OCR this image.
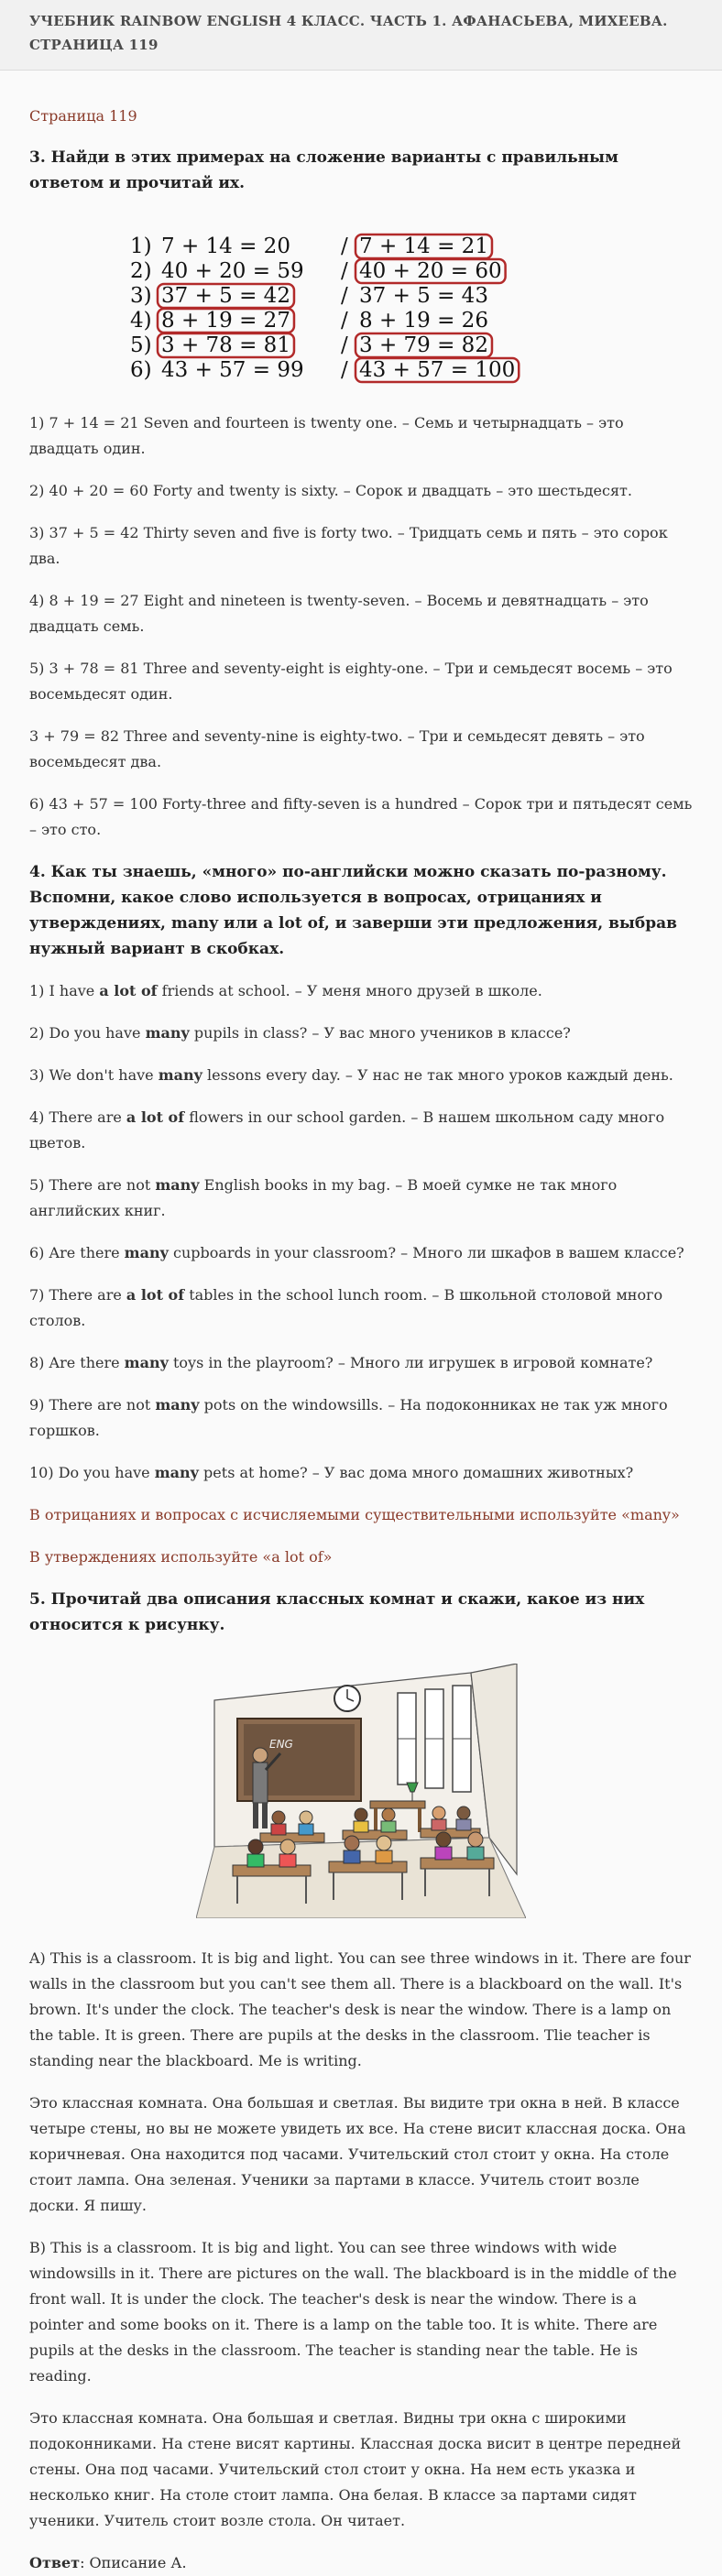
УЧЕБНИК RAINBOW ENGLISH 4 КЛАСС. ЧАСТЬ 1. АФАНАСЬЕВА, МИХЕЕВА. СТРАНИЦА 119
Страница 119
3. Найди в этих примерах на сложение варианты с правильным ответом и прочитай их.
1) 7 + 14 = 20 / 7 + 14 = 21
2) 40 + 20 = 59 / 40 + 20 = 60
3) 37 + 5 = 42 / 37 + 5 = 43
4) 8 + 19 = 27 / 8 + 19 = 26
5) 3 + 78 = 81 / 3 + 79 = 82
6) 43 + 57 = 99 / 43 + 57 = 100

1) 7 + 14 = 21 Seven and fourteen is twenty one. – Семь и четырнадцать – это двадцать один.

2) 40 + 20 = 60 Forty and twenty is sixty. – Сорок и двадцать – это шестьдесят.

3) 37 + 5 = 42 Thirty seven and five is forty two. – Тридцать семь и пять – это сорок два.

4) 8 + 19 = 27 Eight and nineteen is twenty-seven. – Восемь и девятнадцать – это двадцать семь.

5) 3 + 78 = 81 Three and seventy-eight is eighty-one. – Три и семьдесят восемь – это восемьдесят один.

3 + 79 = 82 Three and seventy-nine is eighty-two. – Три и семьдесят девять – это восемьдесят два.

6) 43 + 57 = 100 Forty-three and fifty-seven is a hundred – Сорок три и пятьдесят семь – это сто.

4. Как ты знаешь, «много» по-английски можно сказать по-разному. Вспомни, какое слово используется в вопросах, отрицаниях и утверждениях, many или a lot of, и заверши эти предложения, выбрав нужный вариант в скобках.

1) I have a lot of friends at school. – У меня много друзей в школе.

2) Do you have many pupils in class? – У вас много учеников в классе?

3) We don't have many lessons every day. – У нас не так много уроков каждый день.

4) There are a lot of flowers in our school garden. – В нашем школьном саду много цветов.

5) There are not many English books in my bag. – В моей сумке не так много английских книг.

6) Are there many cupboards in your classroom? – Много ли шкафов в вашем классе?

7) There are a lot of tables in the school lunch room. – В школьной столовой много столов.

8) Are there many toys in the playroom? – Много ли игрушек в игровой комнате?

9) There are not many pots on the windowsills. – На подоконниках не так уж много горшков.

10) Do you have many pets at home? – У вас дома много домашних животных?

В отрицаниях и вопросах с исчисляемыми существительными используйте «many»

В утверждениях используйте «a lot of»

5. Прочитай два описания классных комнат и скажи, какое из них относится к рисунку.
ENG

A) This is a classroom. It is big and light. You can see three windows in it. There are four walls in the classroom but you can't see them all. There is a blackboard on the wall. It's brown. It's under the clock. The teacher's desk is near the window. There is a lamp on the table. It is green. There are pupils at the desks in the classroom. Tlie teacher is standing near the blackboard. Me is writing.

Это классная комната. Она большая и светлая. Вы видите три окна в ней. В классе четыре стены, но вы не можете увидеть их все. На стене висит классная доска. Она коричневая. Она находится под часами. Учительский стол стоит у окна. На столе стоит лампа. Она зеленая. Ученики за партами в классе. Учитель стоит возле доски. Я пишу.

B) This is a classroom. It is big and light. You can see three windows with wide windowsills in it. There are pictures on the wall. The blackboard is in the middle of the front wall. It is under the clock. The teacher's desk is near the window. There is a pointer and some books on it. There is a lamp on the table too. It is white. There are pupils at the desks in the classroom. The teacher is standing near the table. He is reading.

Это классная комната. Она большая и светлая. Видны три окна с широкими подоконниками. На стене висят картины. Классная доска висит в центре передней стены. Она под часами. Учительский стол стоит у окна. На нем есть указка и несколько книг. На столе стоит лампа. Она белая. В классе за партами сидят ученики. Учитель стоит возле стола. Он читает.

Ответ: Описание А.
